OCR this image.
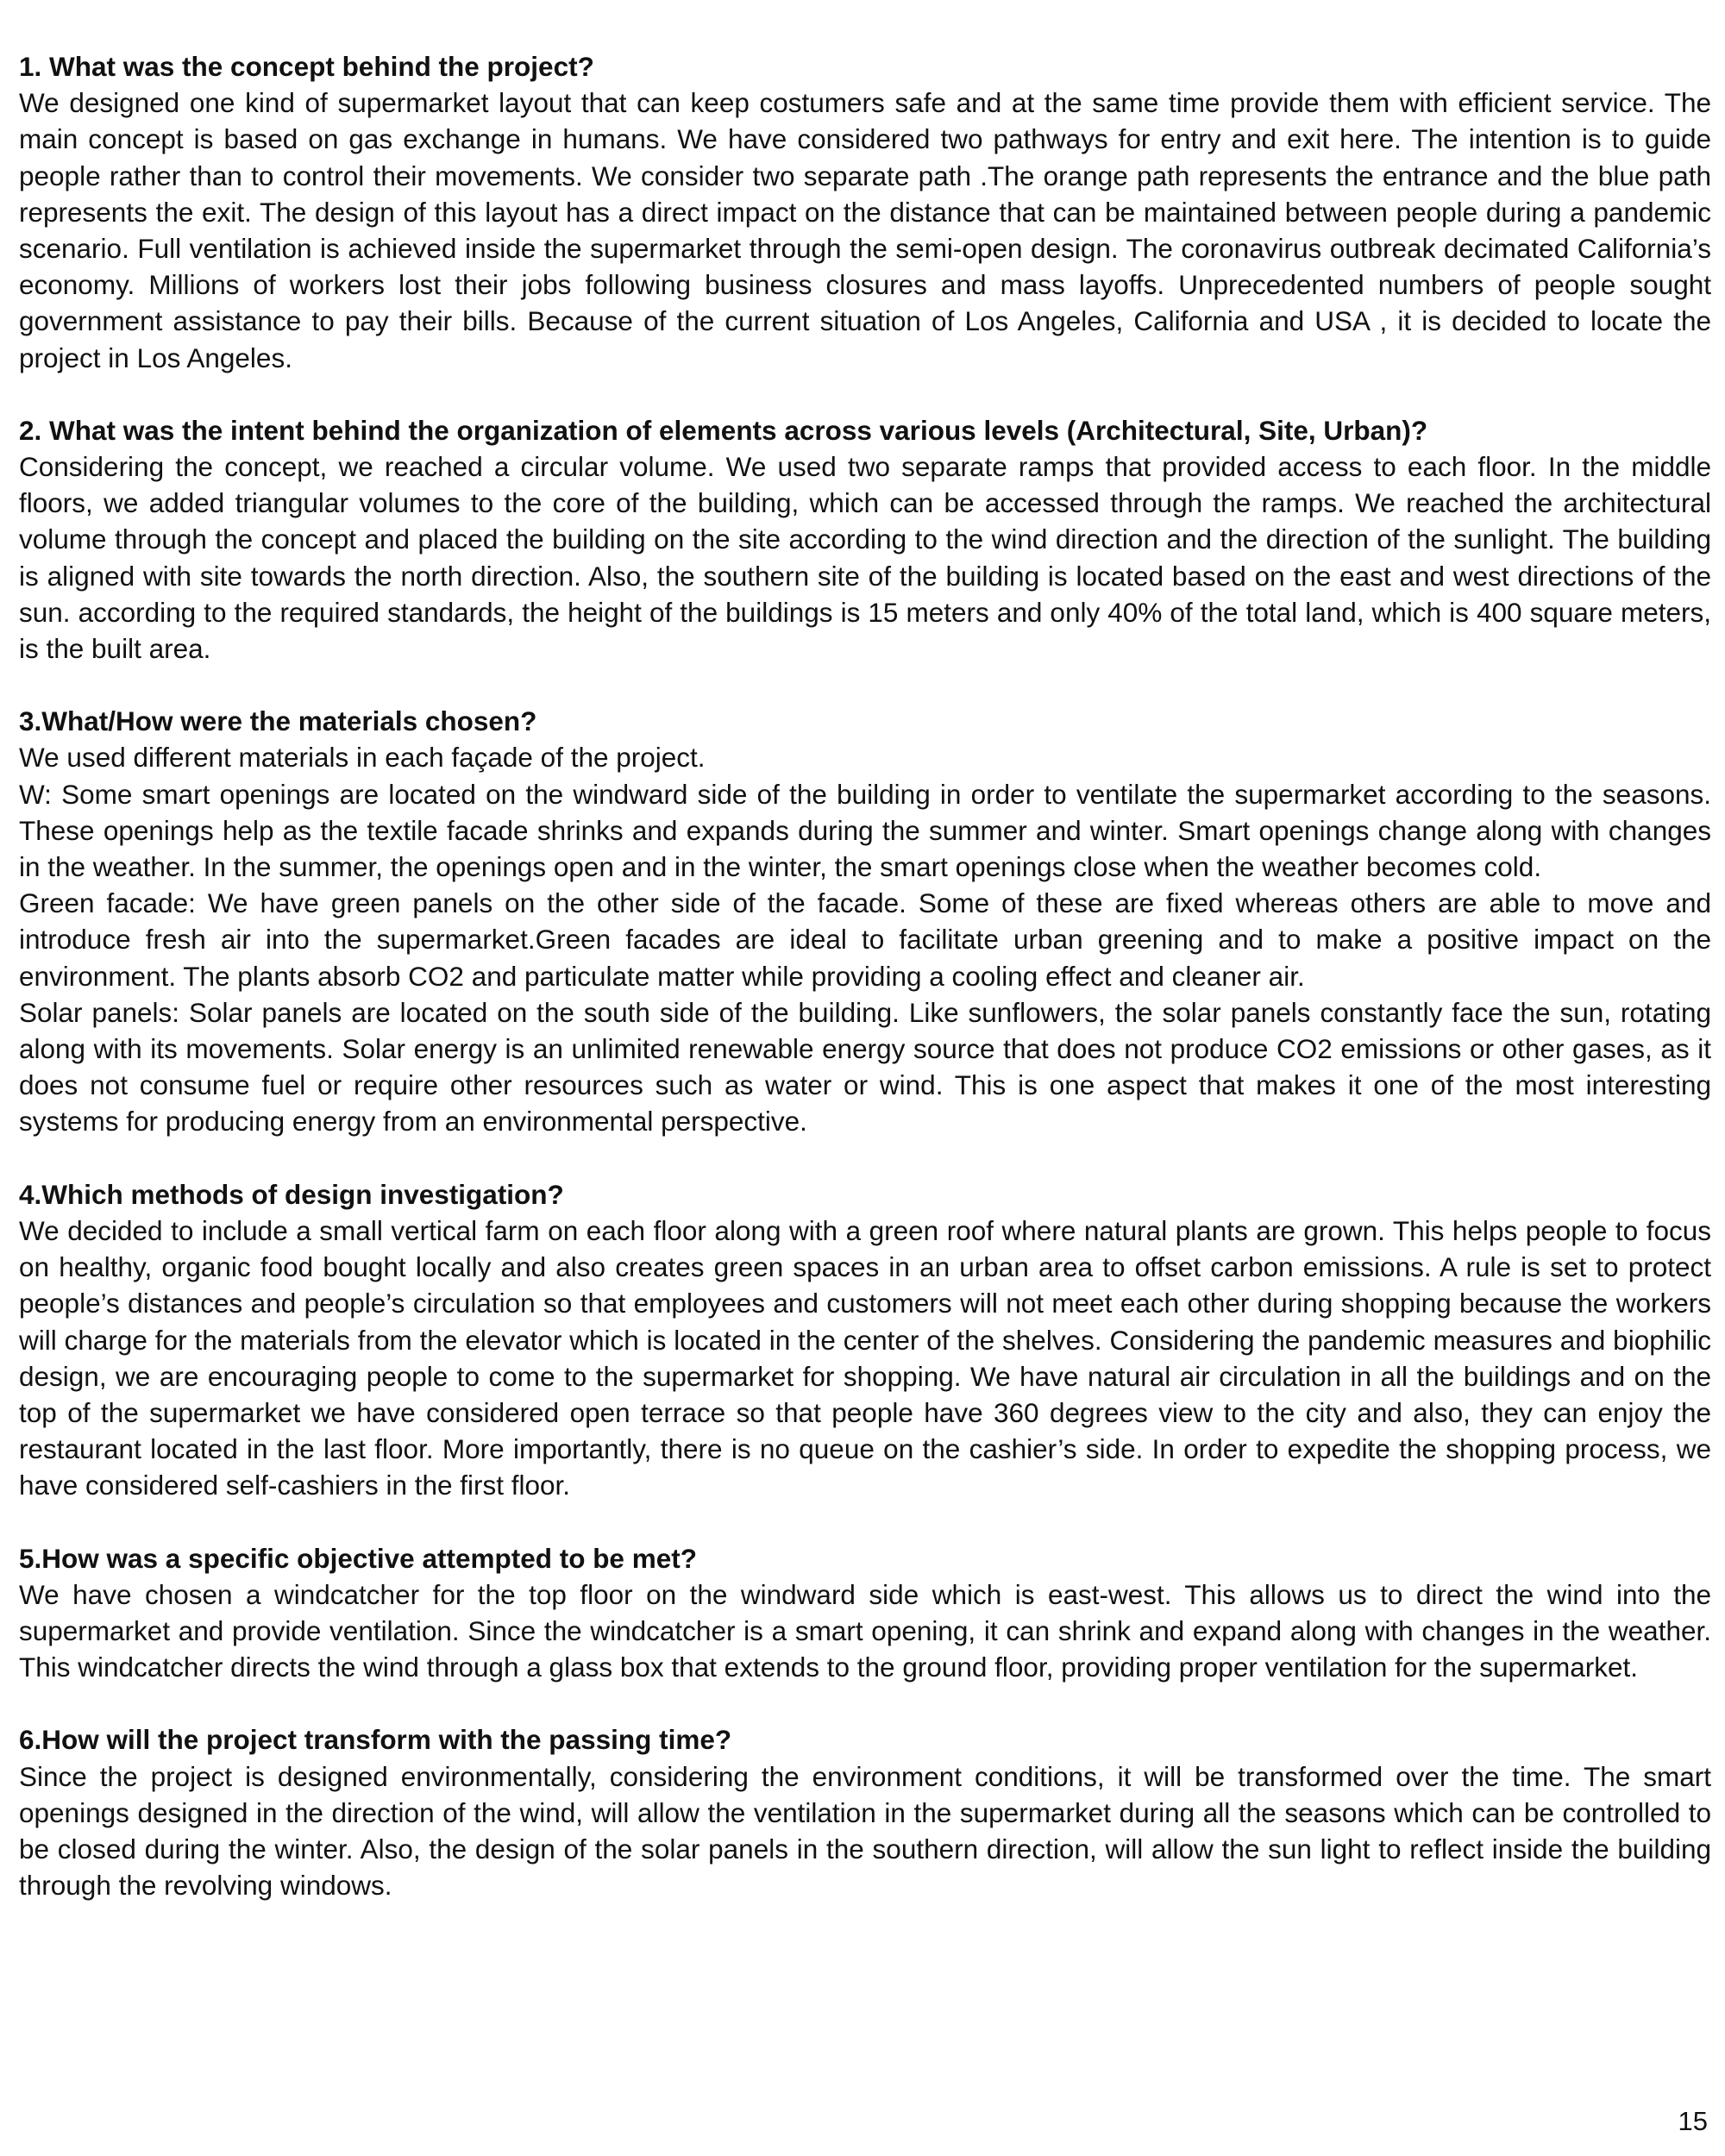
1. What was the concept behind the project?

We designed one kind of supermarket layout that can keep costumers safe and at the same time provide them with efficient service. The main concept is based on gas exchange in humans. We have considered two pathways for entry and exit here. The intention is to guide people rather than to control their movements. We consider two separate path .The orange path represents the entrance and the blue path represents the exit. The design of this layout has a direct impact on the distance that can be maintained between people during a pandemic scenario. Full ventilation is achieved inside the supermarket through the semi-open design. The coronavirus outbreak decimated California’s economy. Millions of workers lost their jobs following business closures and mass layoffs. Unprecedented numbers of people sought government assistance to pay their bills. Because of the current situation of Los Angeles, California and USA , it is decided to locate the project in Los Angeles.

2. What was the intent behind the organization of elements across various levels (Architectural, Site, Urban)?

Considering the concept, we reached a circular volume. We used two separate ramps that provided access to each floor. In the middle floors, we added triangular volumes to the core of the building, which can be accessed through the ramps. We reached the architectural volume through the concept and placed the building on the site according to the wind direction and the direction of the sunlight. The building is aligned with site towards the north direction. Also, the southern site of the building is located based on the east and west directions of the sun. according to the required standards, the height of the buildings is 15 meters and only 40% of the total land, which is 400 square meters, is the built area.

3.What/How were the materials chosen?

We used different materials in each façade of the project.

W: Some smart openings are located on the windward side of the building in order to ventilate the supermarket according to the seasons. These openings help as the textile facade shrinks and expands during the summer and winter. Smart openings change along with changes in the weather. In the summer, the openings open and in the winter, the smart openings close when the weather becomes cold.

Green facade: We have green panels on the other side of the facade. Some of these are fixed whereas others are able to move and introduce fresh air into the supermarket.Green facades are ideal to facilitate urban greening and to make a positive impact on the environment. The plants absorb CO2 and particulate matter while providing a cooling effect and cleaner air.

Solar panels: Solar panels are located on the south side of the building. Like sunflowers, the solar panels constantly face the sun, rotating along with its movements. Solar energy is an unlimited renewable energy source that does not produce CO2 emissions or other gases, as it does not consume fuel or require other resources such as water or wind. This is one aspect that makes it one of the most interesting systems for producing energy from an environmental perspective.

4.Which methods of design investigation?

We decided to include a small vertical farm on each floor along with a green roof where natural plants are grown. This helps people to focus on healthy, organic food bought locally and also creates green spaces in an urban area to offset carbon emissions. A rule is set to protect people’s distances and people’s circulation so that employees and customers will not meet each other during shopping because the workers will charge for the materials from the elevator which is located in the center of the shelves. Considering the pandemic measures and biophilic design, we are encouraging people to come to the supermarket for shopping. We have natural air circulation in all the buildings and on the top of the supermarket we have considered open terrace so that people have 360 degrees view to the city and also, they can enjoy the restaurant located in the last floor. More importantly, there is no queue on the cashier’s side. In order to expedite the shopping process, we have considered self-cashiers in the first floor.

5.How was a specific objective attempted to be met?

We have chosen a windcatcher for the top floor on the windward side which is east-west. This allows us to direct the wind into the supermarket and provide ventilation. Since the windcatcher is a smart opening, it can shrink and expand along with changes in the weather. This windcatcher directs the wind through a glass box that extends to the ground floor, providing proper ventilation for the supermarket.

6.How will the project transform with the passing time?

Since the project is designed environmentally, considering the environment conditions, it will be transformed over the time. The smart openings designed in the direction of the wind, will allow the ventilation in the supermarket during all the seasons which can be controlled to be closed during the winter. Also, the design of the solar panels in the southern direction, will allow the sun light to reflect inside the building through the revolving windows.

15
